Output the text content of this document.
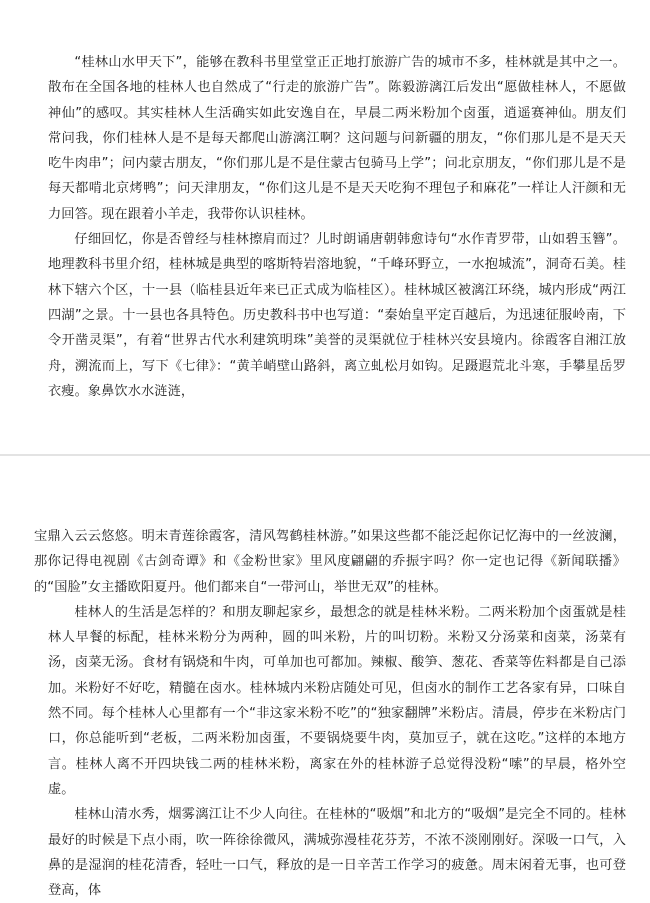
“桂林山水甲天下”，能够在教科书里堂堂正正地打旅游广告的城市不多，桂林就是其中之一。散布在全国各地的桂林人也自然成了“行走的旅游广告”。陈毅游漓江后发出“愿做桂林人，不愿做神仙”的感叹。其实桂林人生活确实如此安逸自在，早晨二两米粉加个卤蛋，逍遥赛神仙。朋友们常问我，你们桂林人是不是每天都爬山游漓江啊？这问题与问新疆的朋友，“你们那儿是不是天天吃牛肉串”；问内蒙古朋友，“你们那儿是不是住蒙古包骑马上学”；问北京朋友，“你们那儿是不是每天都啃北京烤鸭”；问天津朋友，“你们这儿是不是天天吃狗不理包子和麻花”一样让人汗颜和无力回答。现在跟着小羊走，我带你认识桂林。

仔细回忆，你是否曾经与桂林擦肩而过？儿时朗诵唐朝韩愈诗句“水作青罗带，山如碧玉簪”。地理教科书里介绍，桂林城是典型的喀斯特岩溶地貌，“千峰环野立，一水抱城流”，洞奇石美。桂林下辖六个区，十一县（临桂县近年来已正式成为临桂区）。桂林城区被漓江环绕，城内形成“两江四湖”之景。十一县也各具特色。历史教科书中也写道：“秦始皇平定百越后，为迅速征服岭南，下令开凿灵渠”，有着“世界古代水利建筑明珠”美誉的灵渠就位于桂林兴安县境内。徐霞客自湘江放舟，溯流而上，写下《七律》：“黄羊峭壁山路斜，离立虬松月如钩。足蹑遐荒北斗寒，手攀星岳罗衣瘦。象鼻饮水水涟涟，

宝鼎入云云悠悠。明末青莲徐霞客，清风驾鹤桂林游。”如果这些都不能泛起你记忆海中的一丝波澜，那你记得电视剧《古剑奇谭》和《金粉世家》里风度翩翩的乔振宇吗？你一定也记得《新闻联播》的“国脸”女主播欧阳夏丹。他们都来自“一带河山，举世无双”的桂林。

桂林人的生活是怎样的？和朋友聊起家乡，最想念的就是桂林米粉。二两米粉加个卤蛋就是桂林人早餐的标配，桂林米粉分为两种，圆的叫米粉，片的叫切粉。米粉又分汤菜和卤菜，汤菜有汤，卤菜无汤。食材有锅烧和牛肉，可单加也可都加。辣椒、酸笋、葱花、香菜等佐料都是自己添加。米粉好不好吃，精髓在卤水。桂林城内米粉店随处可见，但卤水的制作工艺各家有异，口味自然不同。每个桂林人心里都有一个“非这家米粉不吃”的“独家翻牌”米粉店。清晨，停步在米粉店门口，你总能听到“老板，二两米粉加卤蛋，不要锅烧要牛肉，莫加豆子，就在这吃。”这样的本地方言。桂林人离不开四块钱二两的桂林米粉，离家在外的桂林游子总觉得没粉“嗦”的早晨，格外空虚。

桂林山清水秀，烟雾漓江让不少人向往。在桂林的“吸烟”和北方的“吸烟”是完全不同的。桂林最好的时候是下点小雨，吹一阵徐徐微风，满城弥漫桂花芬芳，不浓不淡刚刚好。深吸一口气，入鼻的是湿润的桂花清香，轻吐一口气，释放的是一日辛苦工作学习的疲惫。周末闲着无事，也可登登高，体
